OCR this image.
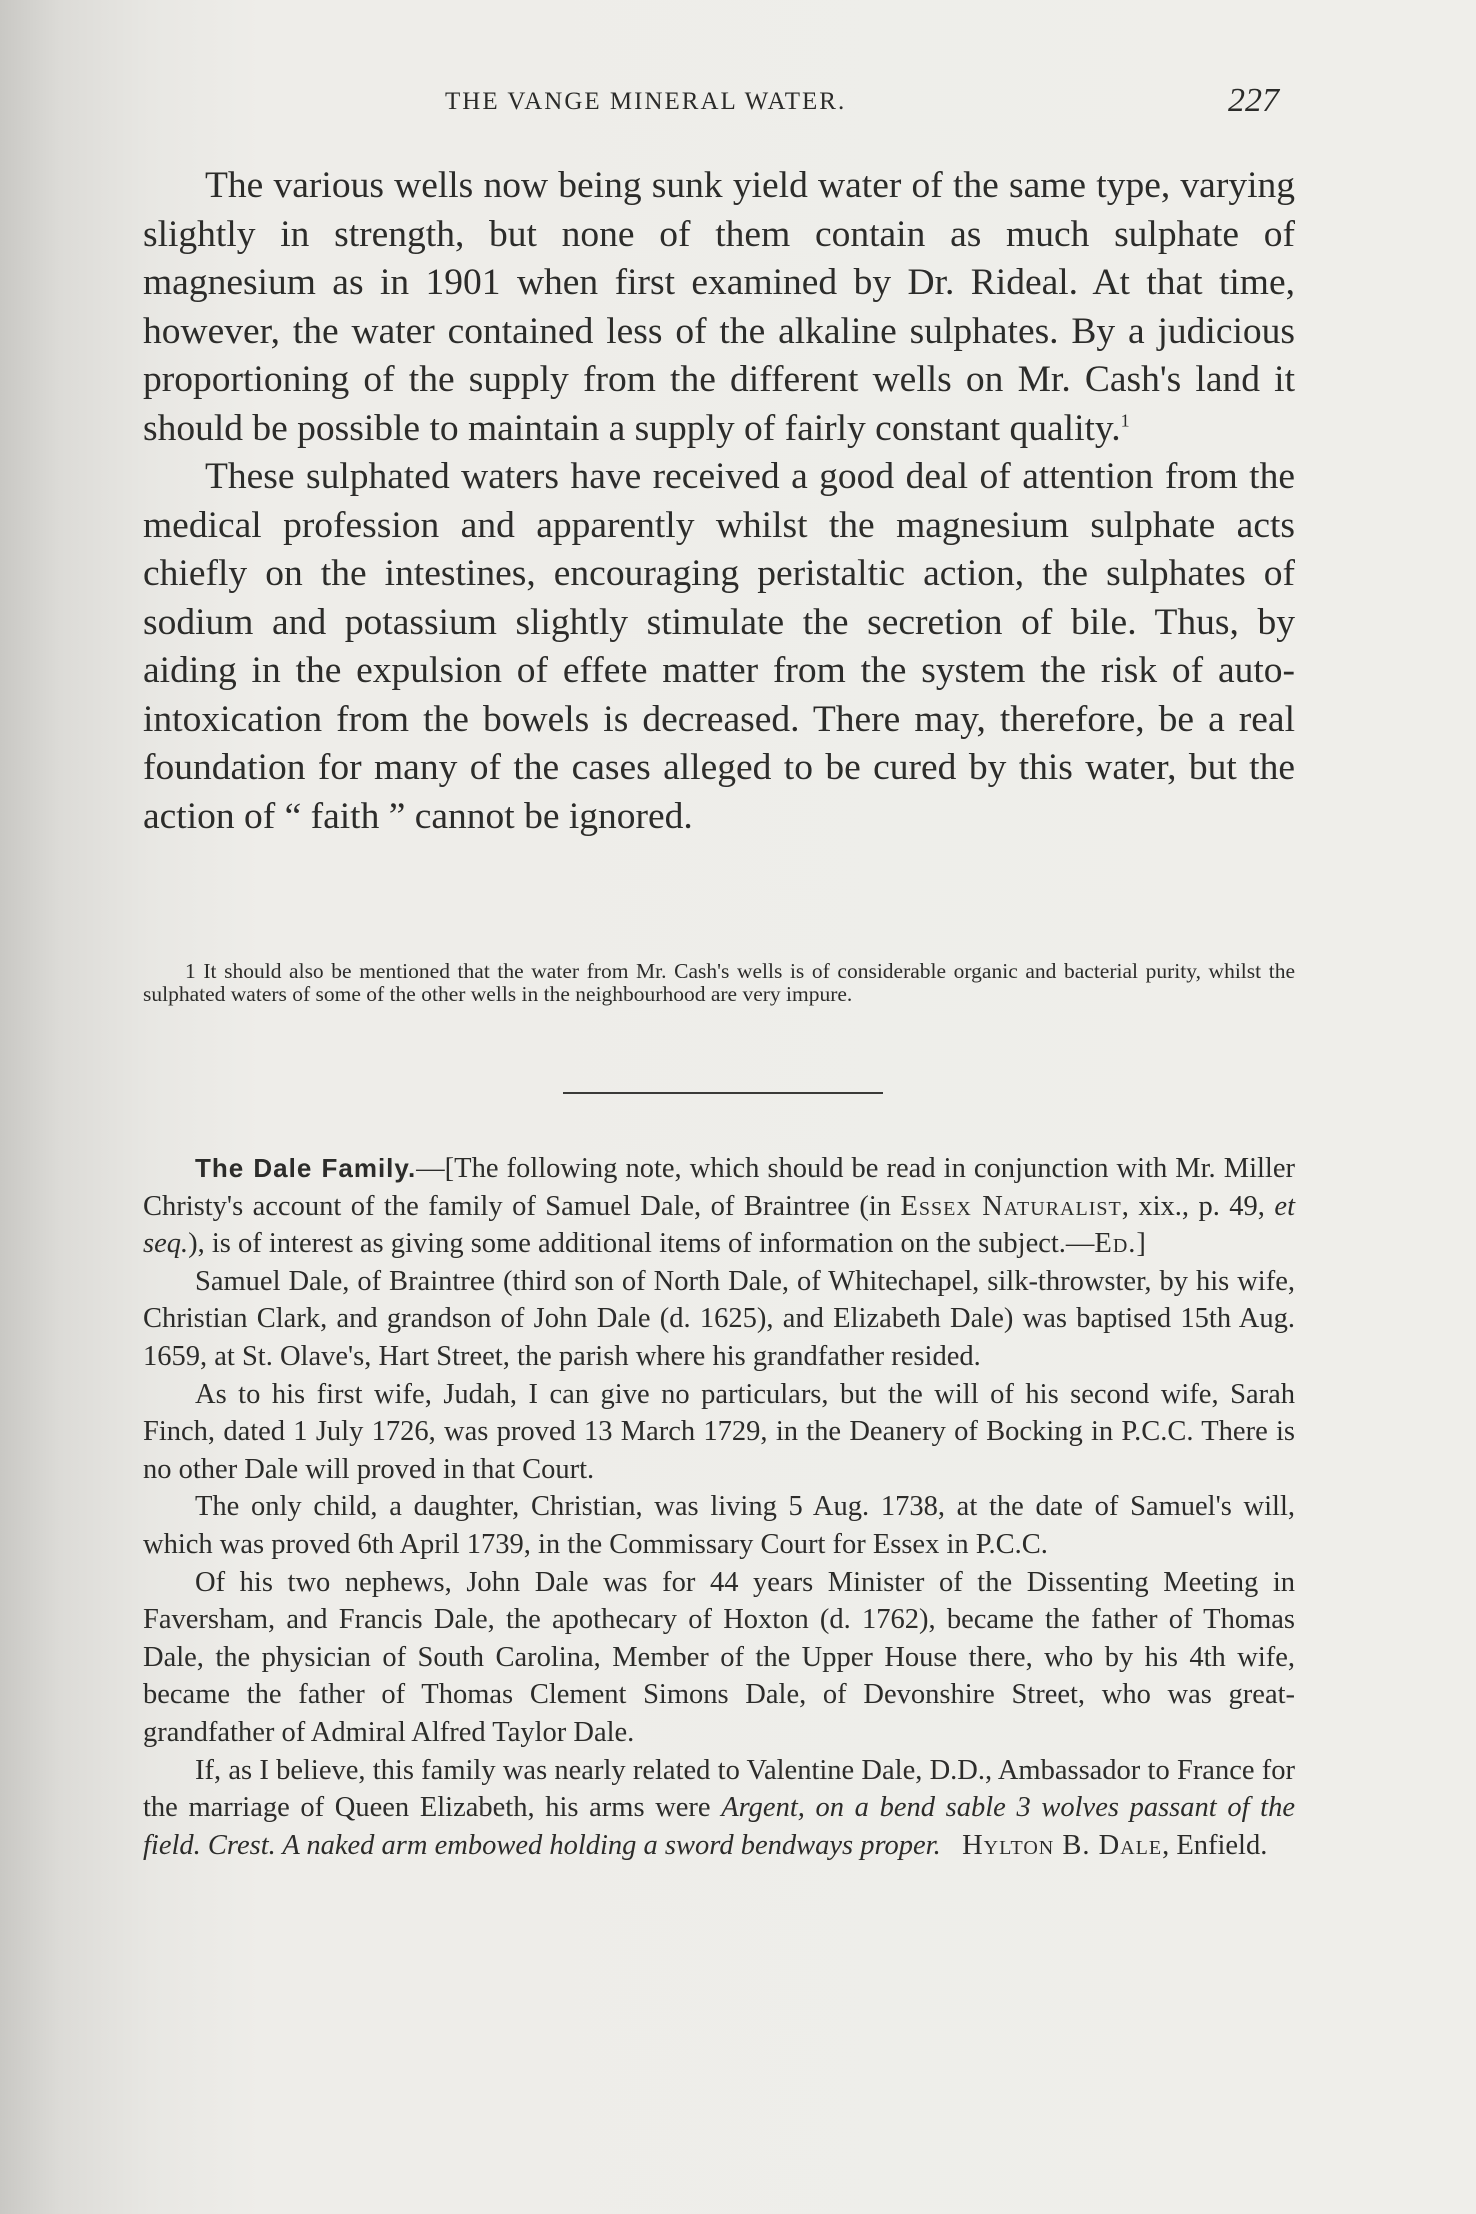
THE VANGE MINERAL WATER.	227

The various wells now being sunk yield water of the same type, varying slightly in strength, but none of them contain as much sulphate of magnesium as in 1901 when first examined by Dr. Rideal. At that time, however, the water contained less of the alkaline sulphates. By a judicious proportioning of the supply from the different wells on Mr. Cash's land it should be possible to maintain a supply of fairly constant quality.$^1$

These sulphated waters have received a good deal of attention from the medical profession and apparently whilst the magnesium sulphate acts chiefly on the intestines, encouraging peristaltic action, the sulphates of sodium and potassium slightly stimulate the secretion of bile. Thus, by aiding in the expulsion of effete matter from the system the risk of auto-intoxication from the bowels is decreased. There may, therefore, be a real foundation for many of the cases alleged to be cured by this water, but the action of “ faith ” cannot be ignored.

1 It should also be mentioned that the water from Mr. Cash's wells is of considerable organic and bacterial purity, whilst the sulphated waters of some of the other wells in the neighbourhood are very impure.

The Dale Family.—[The following note, which should be read in conjunction with Mr. Miller Christy's account of the family of Samuel Dale, of Braintree (in Essex Naturalist, xix., p. 49, et seq.), is of interest as giving some additional items of information on the subject.—Ed.]

Samuel Dale, of Braintree (third son of North Dale, of Whitechapel, silk-throwster, by his wife, Christian Clark, and grandson of John Dale (d. 1625), and Elizabeth Dale) was baptised 15th Aug. 1659, at St. Olave's, Hart Street, the parish where his grandfather resided.

As to his first wife, Judah, I can give no particulars, but the will of his second wife, Sarah Finch, dated 1 July 1726, was proved 13 March 1729, in the Deanery of Bocking in P.C.C. There is no other Dale will proved in that Court.

The only child, a daughter, Christian, was living 5 Aug. 1738, at the date of Samuel's will, which was proved 6th April 1739, in the Commissary Court for Essex in P.C.C.

Of his two nephews, John Dale was for 44 years Minister of the Dissenting Meeting in Faversham, and Francis Dale, the apothecary of Hoxton (d. 1762), became the father of Thomas Dale, the physician of South Carolina, Member of the Upper House there, who by his 4th wife, became the father of Thomas Clement Simons Dale, of Devonshire Street, who was great-grandfather of Admiral Alfred Taylor Dale.

If, as I believe, this family was nearly related to Valentine Dale, D.D., Ambassador to France for the marriage of Queen Elizabeth, his arms were Argent, on a bend sable 3 wolves passant of the field. Crest. A naked arm embowed holding a sword bendways proper. Hylton B. Dale, Enfield.
